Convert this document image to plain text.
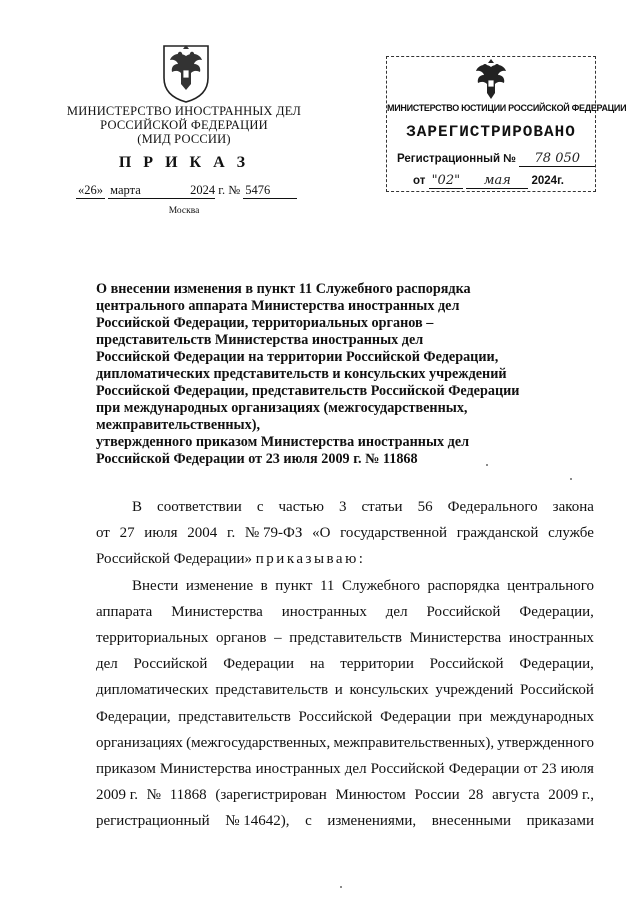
МИНИСТЕРСТВО ИНОСТРАННЫХ ДЕЛ
РОССИЙСКОЙ ФЕДЕРАЦИИ
(МИД РОССИИ)
П Р И К А З
«26» марта	2024 г. № 5476
Москва
МИНИСТЕРСТВО ЮСТИЦИИ РОССИЙСКОЙ ФЕДЕРАЦИИ
ЗАРЕГИСТРИРОВАНО
Регистрационный № 78 050
от "02" мая 2024г.
О внесении изменения в пункт 11 Служебного распорядка
центрального аппарата Министерства иностранных дел
Российской Федерации, территориальных органов –
представительств Министерства иностранных дел
Российской Федерации на территории Российской Федерации,
дипломатических представительств и консульских учреждений
Российской Федерации, представительств Российской Федерации
при международных организациях (межгосударственных,
межправительственных),
утвержденного приказом Министерства иностранных дел
Российской Федерации от 23 июля 2009 г. № 11868
В соответствии с частью 3 статьи 56 Федерального закона
от 27 июля 2004 г. № 79-ФЗ «О государственной гражданской службе
Российской Федерации»
приказываю:
Внести изменение в пункт 11 Служебного распорядка центрального
аппарата Министерства иностранных дел Российской Федерации,
территориальных органов – представительств Министерства иностранных
дел Российской Федерации на территории Российской Федерации,
дипломатических представительств и консульских учреждений Российской
Федерации, представительств Российской Федерации при международных
организациях (межгосударственных, межправительственных), утвержденного
приказом Министерства иностранных дел Российской Федерации от 23 июля
2009 г. № 11868 (зарегистрирован Минюстом России 28 августа 2009 г.,
регистрационный № 14642), с изменениями, внесенными приказами
